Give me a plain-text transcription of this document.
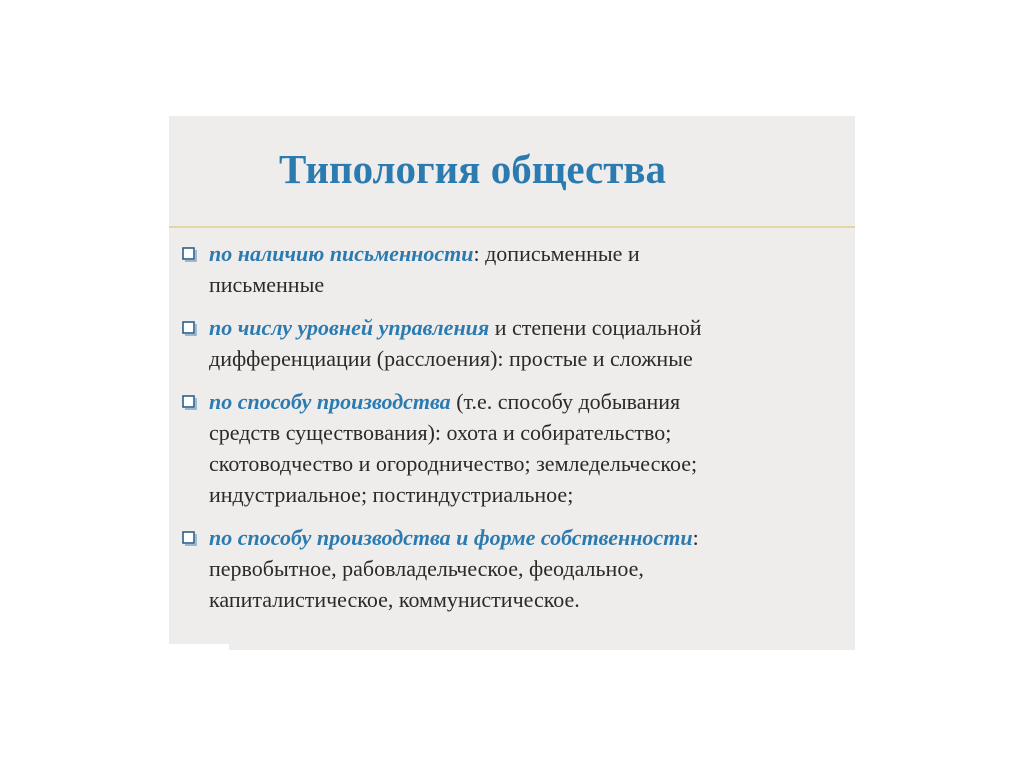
Типология общества
по наличию письменности: дописьменные и
письменные
по числу уровней управления и степени социальной
дифференциации (расслоения): простые и сложные
по способу производства (т.е. способу добывания
средств существования): охота и собирательство;
скотоводчество и огородничество; земледельческое;
индустриальное; постиндустриальное;
по способу производства и форме собственности:
первобытное, рабовладельческое, феодальное,
капиталистическое, коммунистическое.
